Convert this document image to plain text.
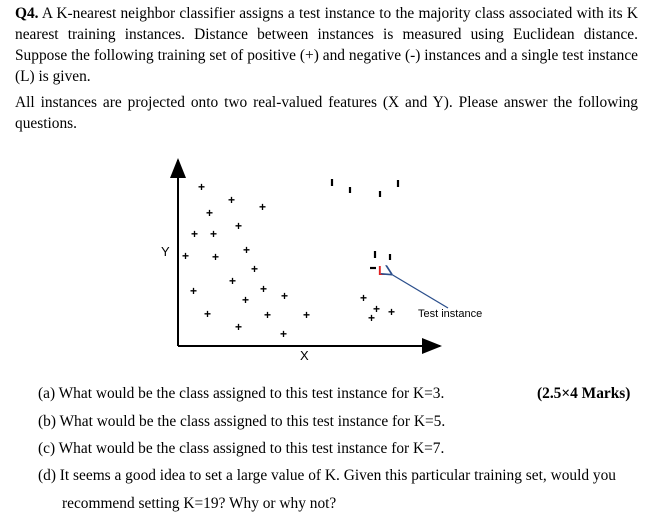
Q4. A K-nearest neighbor classifier assigns a test instance to the majority class associated with its K nearest training instances. Distance between instances is measured using Euclidean distance. Suppose the following training set of positive (+) and negative (-) instances and a single test instance (L) is given.

All instances are projected onto two real-valued features (X and Y). Please answer the following questions.

Y
X
+
+
+	+
+
+ +
+
+ +
+
+
+
+
+	+
+	+	+
+	+
+
+
+ +
L
Test instance

(a) What would be the class assigned to this test instance for K=3.	(2.5×4 Marks)

(b) What would be the class assigned to this test instance for K=5.

(c) What would be the class assigned to this test instance for K=7.

(d) It seems a good idea to set a large value of K. Given this particular training set, would you

recommend setting K=19? Why or why not?
